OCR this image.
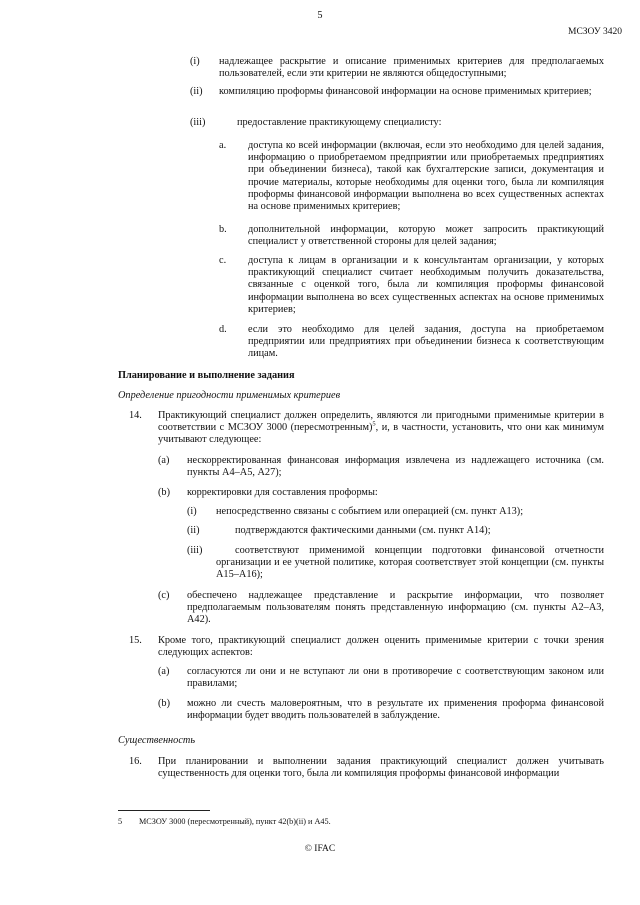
5
МСЗОУ 3420
(i) надлежащее раскрытие и описание применимых критериев для предполагаемых пользователей, если эти критерии не являются общедоступными;
(ii) компиляцию проформы финансовой информации на основе применимых критериев;
(iii)	предоставление практикующему специалисту:
a. доступа ко всей информации (включая, если это необходимо для целей задания, информацию о приобретаемом предприятии или приобретаемых предприятиях при объединении бизнеса), такой как бухгалтерские записи, документация и прочие материалы, которые необходимы для оценки того, была ли компиляция проформы финансовой информации выполнена во всех существенных аспектах на основе применимых критериев;
b. дополнительной информации, которую может запросить практикующий специалист у ответственной стороны для целей задания;
c. доступа к лицам в организации и к консультантам организации, у которых практикующий специалист считает необходимым получить доказательства, связанные с оценкой того, была ли компиляция проформы финансовой информации выполнена во всех существенных аспектах на основе применимых критериев;
d. если это необходимо для целей задания, доступа на приобретаемом предприятии или предприятиях при объединении бизнеса к соответствующим лицам.
Планирование и выполнение задания
Определение пригодности применимых критериев
14. Практикующий специалист должен определить, являются ли пригодными применимые критерии в соответствии с МСЗОУ 3000 (пересмотренным)$^5$, и, в частности, установить, что они как минимум учитывают следующее:
(a) нескорректированная финансовая информация извлечена из надлежащего источника (см. пункты А4–А5, А27);
(b) корректировки для составления проформы:
(i) непосредственно связаны с событием или операцией (см. пункт А13);
(ii)	подтверждаются фактическими данными (см. пункт А14);
(iii)	соответствуют применимой концепции подготовки финансовой отчетности организации и ее учетной политике, которая соответствует этой концепции (см. пункты А15–А16);
(c) обеспечено надлежащее представление и раскрытие информации, что позволяет предполагаемым пользователям понять представленную информацию (см. пункты А2–А3, А42).
15. Кроме того, практикующий специалист должен оценить применимые критерии с точки зрения следующих аспектов:
(a) согласуются ли они и не вступают ли они в противоречие с соответствующим законом или правилами;
(b) можно ли счесть маловероятным, что в результате их применения проформа финансовой информации будет вводить пользователей в заблуждение.
Существенность
16. При планировании и выполнении задания практикующий специалист должен учитывать существенность для оценки того, была ли компиляция проформы финансовой информации
5 МСЗОУ 3000 (пересмотренный), пункт 42(b)(ii) и А45.
© IFAC
